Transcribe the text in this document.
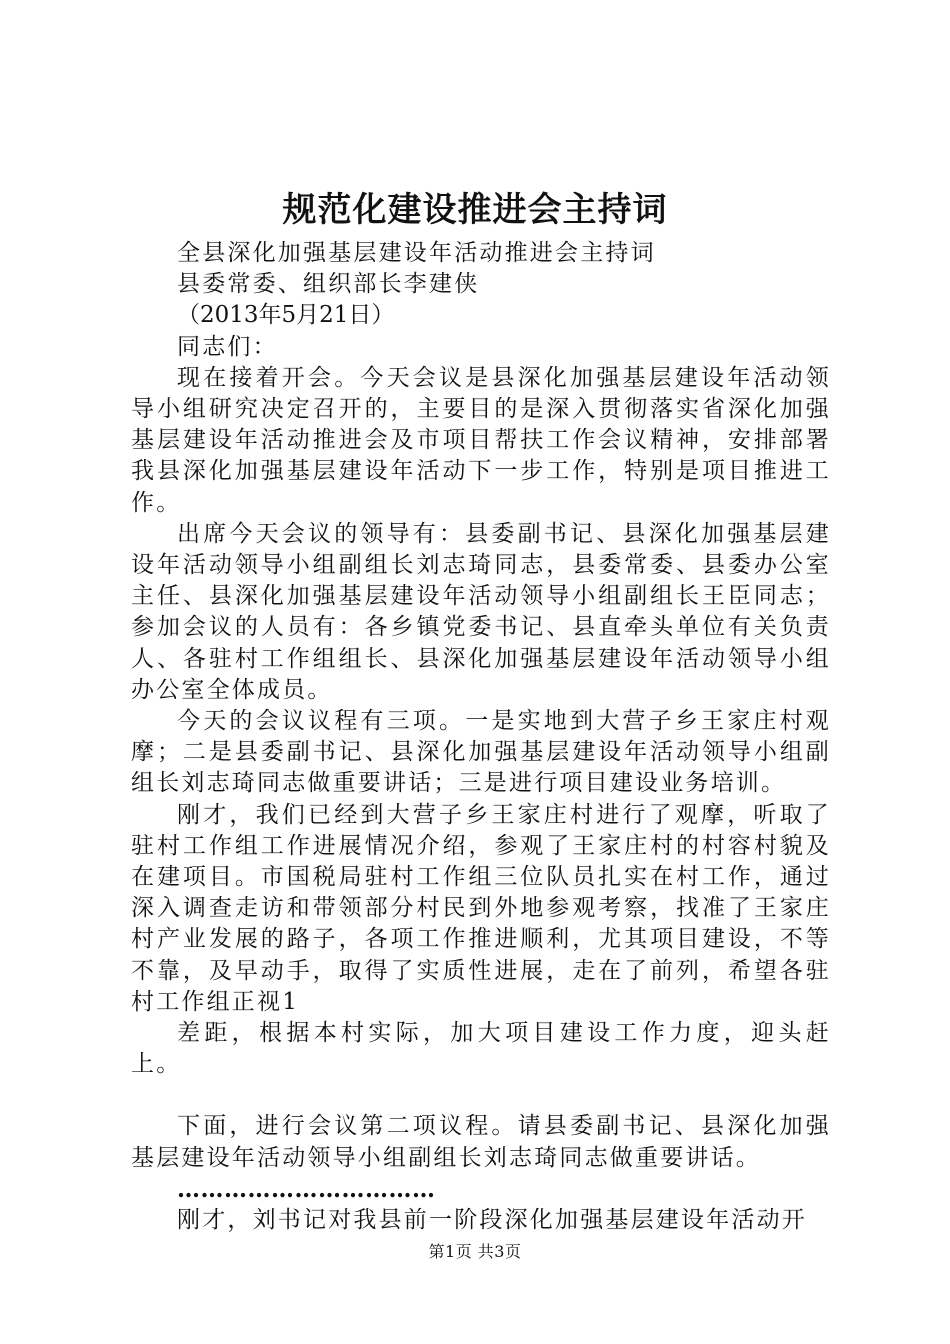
规范化建设推进会主持词

全县深化加强基层建设年活动推进会主持词

县委常委、组织部长李建侠

（2013年5月21日）

同志们：

现在接着开会。今天会议是县深化加强基层建设年活动领导小组研究决定召开的，主要目的是深入贯彻落实省深化加强基层建设年活动推进会及市项目帮扶工作会议精神，安排部署我县深化加强基层建设年活动下一步工作，特别是项目推进工作。

出席今天会议的领导有：县委副书记、县深化加强基层建设年活动领导小组副组长刘志琦同志，县委常委、县委办公室主任、县深化加强基层建设年活动领导小组副组长王臣同志；参加会议的人员有：各乡镇党委书记、县直牵头单位有关负责人、各驻村工作组组长、县深化加强基层建设年活动领导小组办公室全体成员。

今天的会议议程有三项。一是实地到大营子乡王家庄村观摩；二是县委副书记、县深化加强基层建设年活动领导小组副组长刘志琦同志做重要讲话；三是进行项目建设业务培训。

刚才，我们已经到大营子乡王家庄村进行了观摩，听取了驻村工作组工作进展情况介绍，参观了王家庄村的村容村貌及在建项目。市国税局驻村工作组三位队员扎实在村工作，通过深入调查走访和带领部分村民到外地参观考察，找准了王家庄村产业发展的路子，各项工作推进顺利，尤其项目建设，不等不靠，及早动手，取得了实质性进展，走在了前列，希望各驻村工作组正视1

差距，根据本村实际，加大项目建设工作力度，迎头赶上。

下面，进行会议第二项议程。请县委副书记、县深化加强基层建设年活动领导小组副组长刘志琦同志做重要讲话。

……………………………

刚才，刘书记对我县前一阶段深化加强基层建设年活动开

第1页 共3页
